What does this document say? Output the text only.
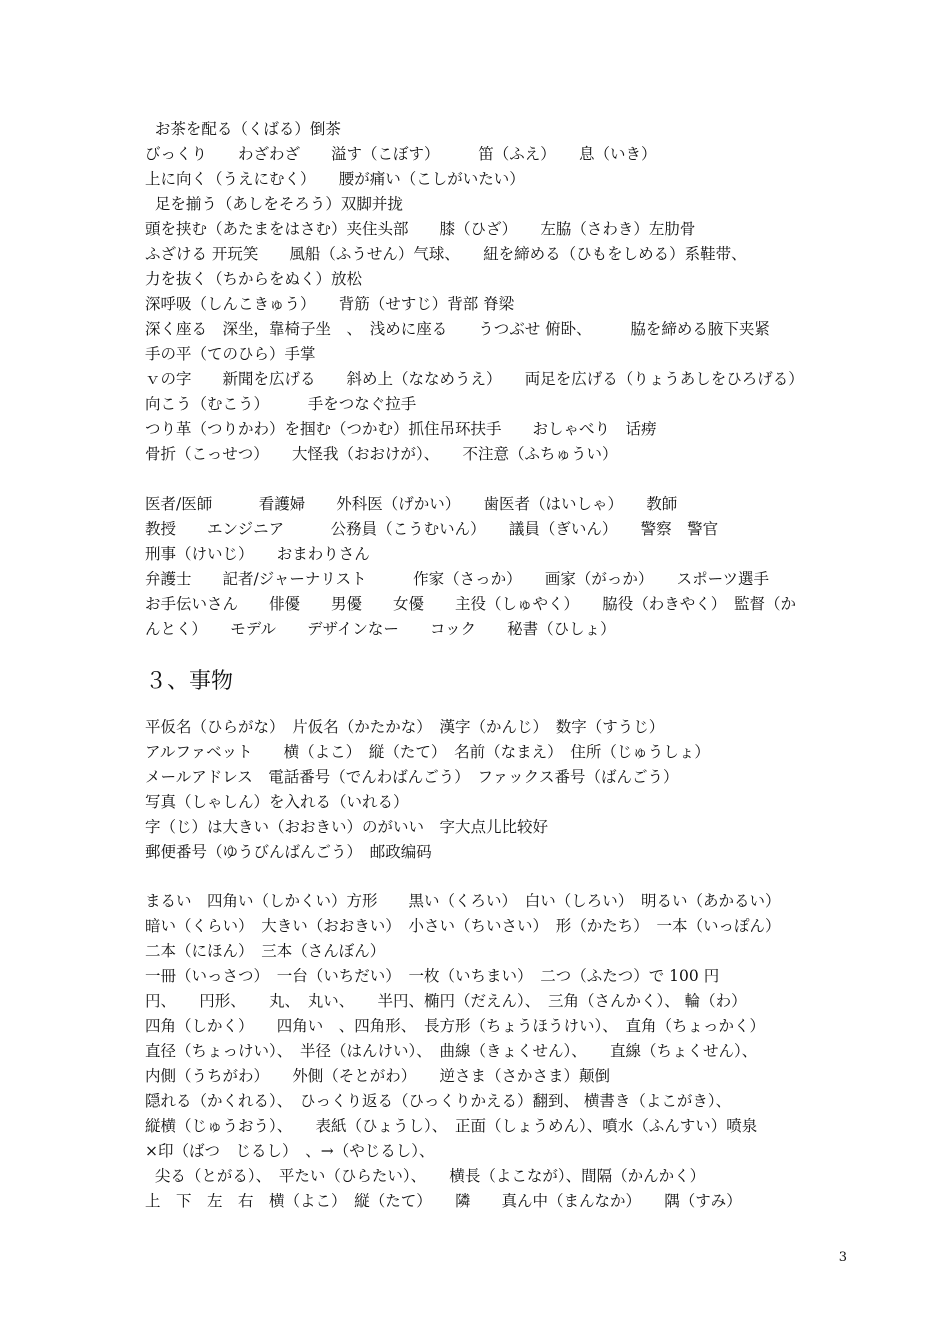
お茶を配る（くばる）倒茶
びっくり　　わざわざ　　溢す（こぼす）　　　笛（ふえ）　　息（いき）
上に向く（うえにむく）　　腰が痛い（こしがいたい）
足を揃う（あしをそろう）双脚并拢
頭を挟む（あたまをはさむ）夹住头部　　膝（ひざ）　　左脇（さわき）左肋骨
ふざける 开玩笑　　風船（ふうせん）气球、　　紐を締める（ひもをしめる）系鞋带、
力を抜く（ちからをぬく）放松
深呼吸（しんこきゅう）　　背筋（せすじ）背部 脊梁
深く座る　深坐，靠椅子坐　、　浅めに座る　　うつぶせ 俯卧、　　　脇を締める腋下夹紧
手の平（てのひら）手掌
ｖの字　　新聞を広げる　　斜め上（ななめうえ）　　両足を広げる（りょうあしをひろげる）
向こう（むこう）　　　手をつなぐ拉手
つり革（つりかわ）を掴む（つかむ）抓住吊环扶手　　おしゃべり　话痨
骨折（こっせつ）　　大怪我（おおけが）、　　不注意（ふちゅうい）
医者/医師　　　看護婦　　外科医（げかい）　　歯医者（はいしゃ）　　教師
教授　　エンジニア　　　公務員（こうむいん）　　議員（ぎいん）　　警察　警官
刑事（けいじ）　　おまわりさん
弁護士　　記者/ジャーナリスト　　　作家（さっか）　　画家（がっか）　　スポーツ選手
お手伝いさん　　俳優　　男優　　女優　　主役（しゅやく）　　脇役（わきやく）　監督（か
んとく）　　モデル　　デザインなー　　コック　　秘書（ひしょ）
３、事物
平仮名（ひらがな）　片仮名（かたかな）　漢字（かんじ）　数字（すうじ）
アルファベット　　横（よこ）　縦（たて）　名前（なまえ）　住所（じゅうしょ）
メールアドレス　電話番号（でんわばんごう）　ファックス番号（ばんごう）
写真（しゃしん）を入れる（いれる）
字（じ）は大きい（おおきい）のがいい　字大点儿比较好
郵便番号（ゆうびんばんごう）　邮政编码
まるい　四角い（しかくい）方形　　黒い（くろい）　白い（しろい）　明るい（あかるい）
暗い（くらい）　大きい（おおきい）　小さい（ちいさい）　形（かたち）　一本（いっぽん）
二本（にほん）　三本（さんぼん）
一冊（いっさつ）　一台（いちだい）　一枚（いちまい）　二つ（ふたつ）で 100 円
円、　　円形、　　丸、　丸い、　　半円、椭円（だえん）、　三角（さんかく）、 輪（わ）
四角（しかく）　　四角い　、四角形、　長方形（ちょうほうけい）、　直角（ちょっかく）
直径（ちょっけい）、　半径（はんけい）、　曲線（きょくせん）、　　直線（ちょくせん）、
内側（うちがわ）　　外側（そとがわ）　　逆さま（さかさま）颠倒
隠れる（かくれる）、　ひっくり返る（ひっくりかえる）翻到、 横書き（よこがき）、
縦横（じゅうおう）、　　表紙（ひょうし）、　正面（しょうめん）、噴水（ふんすい）喷泉
×印（ばつ　じるし）　、→（やじるし）、
尖る（とがる）、　平たい（ひらたい）、　　横長（よこなが）、間隔（かんかく）
上　下　左　右　横（よこ）　縦（たて）　　隣　　真ん中（まんなか）　　隅（すみ）
3
